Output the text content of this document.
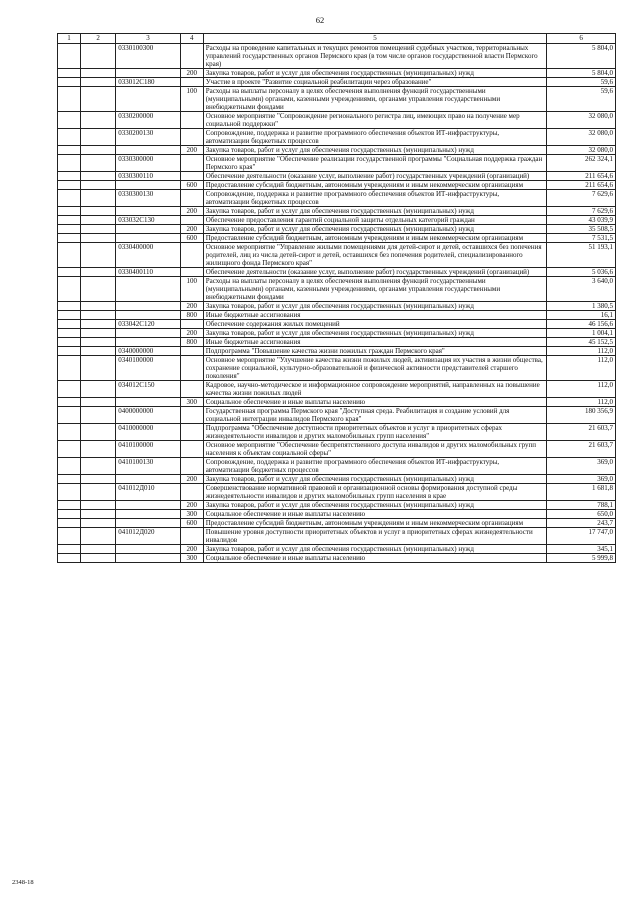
62
1	2	3	4	5	6
		0330100300		Расходы на проведение капитальных и текущих ремонтов помещений судебных участков, территориальных управлений государственных органов Пермского края (в том числе органов государственной власти Пермского края)	5 804,0
			200	Закупка товаров, работ и услуг для обеспечения государственных (муниципальных) нужд	5 804,0
		033012С180		Участие в проекте "Развитие социальной реабилитации через образование"	59,6
			100	Расходы на выплаты персоналу в целях обеспечения выполнения функций государственными (муниципальными) органами, казенными учреждениями, органами управления государственными внебюджетными фондами	59,6
		0330200000		Основное мероприятие "Сопровождение регионального регистра лиц, имеющих право на получение мер социальной поддержки"	32 080,0
		0330200130		Сопровождение, поддержка и развитие программного обеспечения объектов ИТ-инфраструктуры, автоматизации бюджетных процессов	32 080,0
			200	Закупка товаров, работ и услуг для обеспечения государственных (муниципальных) нужд	32 080,0
		0330300000		Основное мероприятие "Обеспечение реализации государственной программы "Социальная поддержка граждан Пермского края"	262 324,1
		0330300110		Обеспечение деятельности (оказание услуг, выполнение работ) государственных учреждений (организаций)	211 654,6
			600	Предоставление субсидий бюджетным, автономным учреждениям и иным некоммерческим организациям	211 654,6
		0330300130		Сопровождение, поддержка и развитие программного обеспечения объектов ИТ-инфраструктуры, автоматизации бюджетных процессов	7 629,6
			200	Закупка товаров, работ и услуг для обеспечения государственных (муниципальных) нужд	7 629,6
		033032С130		Обеспечение предоставления гарантий социальной защиты отдельных категорий граждан	43 039,9
			200	Закупка товаров, работ и услуг для обеспечения государственных (муниципальных) нужд	35 508,5
			600	Предоставление субсидий бюджетным, автономным учреждениям и иным некоммерческим организациям	7 531,5
		0330400000		Основное мероприятие "Управление жилыми помещениями для детей-сирот и детей, оставшихся без попечения родителей, лиц из числа детей-сирот и детей, оставшихся без попечения родителей, специализированного жилищного фонда Пермского края"	51 193,1
		0330400110		Обеспечение деятельности (оказание услуг, выполнение работ) государственных учреждений (организаций)	5 036,6
			100	Расходы на выплаты персоналу в целях обеспечения выполнения функций государственными (муниципальными) органами, казенными учреждениями, органами управления государственными внебюджетными фондами	3 640,0
			200	Закупка товаров, работ и услуг для обеспечения государственных (муниципальных) нужд	1 380,5
			800	Иные бюджетные ассигнования	16,1
		033042С120		Обеспечение содержания жилых помещений	46 156,6
			200	Закупка товаров, работ и услуг для обеспечения государственных (муниципальных) нужд	1 004,1
			800	Иные бюджетные ассигнования	45 152,5
		0340000000		Подпрограмма "Повышение качества жизни пожилых граждан Пермского края"	112,0
		0340100000		Основное мероприятие "Улучшение качества жизни пожилых людей, активизация их участия в жизни общества, сохранение социальной, культурно-образовательной и физической активности представителей старшего поколения"	112,0
		034012С150		Кадровое, научно-методическое и информационное сопровождение мероприятий, направленных на повышение качества жизни пожилых людей	112,0
			300	Социальное обеспечение и иные выплаты населению	112,0
		0400000000		Государственная программа Пермского края "Доступная среда. Реабилитация и создание условий для социальной интеграции инвалидов Пермского края"	180 356,9
		0410000000		Подпрограмма "Обеспечение доступности приоритетных объектов и услуг в приоритетных сферах жизнедеятельности инвалидов и других маломобильных групп населения"	21 603,7
		0410100000		Основное мероприятие "Обеспечение беспрепятственного доступа инвалидов и других маломобильных групп населения к объектам социальной сферы"	21 603,7
		0410100130		Сопровождение, поддержка и развитие программного обеспечения объектов ИТ-инфраструктуры, автоматизации бюджетных процессов	369,0
			200	Закупка товаров, работ и услуг для обеспечения государственных (муниципальных) нужд	369,0
		041012Д010		Совершенствование нормативной правовой и организационной основы формирования доступной среды жизнедеятельности инвалидов и других маломобильных групп населения в крае	1 681,8
			200	Закупка товаров, работ и услуг для обеспечения государственных (муниципальных) нужд	788,1
			300	Социальное обеспечение и иные выплаты населению	650,0
			600	Предоставление субсидий бюджетным, автономным учреждениям и иным некоммерческим организациям	243,7
		041012Д020		Повышение уровня доступности приоритетных объектов и услуг в приоритетных сферах жизнедеятельности инвалидов	17 747,0
			200	Закупка товаров, работ и услуг для обеспечения государственных (муниципальных) нужд	345,1
			300	Социальное обеспечение и иные выплаты населению	5 999,8
2348-18
